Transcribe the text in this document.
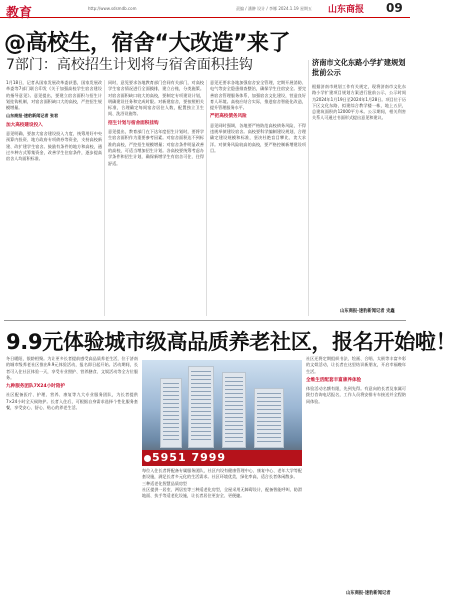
教育	http://www.sdsmdb.com	责编 / 潘翀 设计 / 李娜 2024.1.19 星期五 山东商报 09
@高校生，宿舍“大改造”来了
7部门：高校招生计划将与宿舍面积挂钩

1月18日，记者从国家发展改革委获悉，国家发展改革委等7部门联合印发《关于加强高校学生宿舍建设的指导意见》。意见提出，要建立宿舍面积与招生计划挂钩机制，对宿舍面积缺口大的高校，严控招生规模增量。

山东商报·速豹新闻记者 张君

加大高校建设投入

意见明确，要加大宿舍建设投入力度，统筹用好中央预算内投资、地方政府专项债券等资金，支持高校新建、改扩建学生宿舍。鼓励有条件的地方和高校，通过多种方式筹集资金，改善学生住宿条件，逐步提高宿舍人均面积标准。

同时，意见要求各地教育部门会同有关部门，对高校学生宿舍情况进行全面摸排，建立台账，分类施策。对宿舍面积缺口较大的高校，要制定专项建设计划，明确建设任务和完成时限。对新建宿舍，要按照相关标准，合理确定每间宿舍居住人数，配置独立卫生间、洗浴设施等。

招生计划与宿舍面积挂钩

意见提出，教育部门在下达年度招生计划时，要将学生宿舍面积作为重要参考因素。对宿舍面积达不到标准的高校，严控招生规模增量；对宿舍条件明显改善的高校，可适当增加招生计划。各高校要统筹考虑办学条件和招生计划，确保新增学生有宿舍可住、住得舒适。

意见还要求各地加强宿舍安全管理，定期开展消防、电气等安全隐患排查整治，确保学生住宿安全。要完善宿舍管理服务体系，加强宿舍文化建设，营造良好育人环境。高校应结合实际，推进宿舍智能化改造，提升管理服务水平。

严把高校债务风险

意见同时强调，各地要严格防范高校债务风险，不得违规举债建设宿舍。高校要科学编制建设规划，合理确定建设规模和标准，坚决杜绝盲目攀比、贪大求洋。对债务风险较高的高校，要严格控制新增建设项目。

济南市文化东路小学扩建规划批前公示

根据济南市规划工作有关规定，现将济南市文化东路小学扩建项目规划方案进行批前公示，公示时间为2024年1月19日至2024年1月28日。项目位于历下区文化东路，拟建综合教学楼一栋，地上五层，总建筑面积约12000平方米。公示期间，相关利害关系人可通过书面形式提出意见和建议。

山东商报·速豹新闻记者 史鑫
9.9元体验城市级高品质养老社区，报名开始啦！

冬日暖阳，银龄相聚。为让更多长者提前感受高品质养老生活，位于济南的城市级养老社区推出9.9元体验活动，报名即日起开始。活动期间，长者可入住社区体验一天，享受专业照护、营养膳食、文娱活动等全方位服务。

九种服务团队7X24小时陪护

社区配备医疗、护理、营养、康复等九大专业服务团队，为长者提供7×24小时全天候陪护。长者入住后，可根据自身需求选择个性化服务套餐，享受安心、舒心、贴心的养老生活。

5951 7999

每位入住长者将配备专属服务团队，社区内设有健康管理中心、康复中心、老年大学等配套设施，满足长者多元化的生活需求。社区环境优美，绿化率高，适合长者休闲散步。

三种适老化智慧品质房型

社区提供一居室、两居室等三种适老化房型，全屋采用无障碍设计，配备智能呼叫、防滑地面、扶手等适老化设施，让长者居住更安全、更便捷。

社区还将定期组织书法、绘画、合唱、太极等丰富多彩的文娱活动，让长者在这里结识新朋友，开启幸福晚年生活。

全维生活配套丰富康养体验

体验活动名额有限，先到先得。有意向的长者及家属可拨打咨询电话报名，工作人员将安排专车接送并全程陪同体验。

山东商报·速豹新闻记者
